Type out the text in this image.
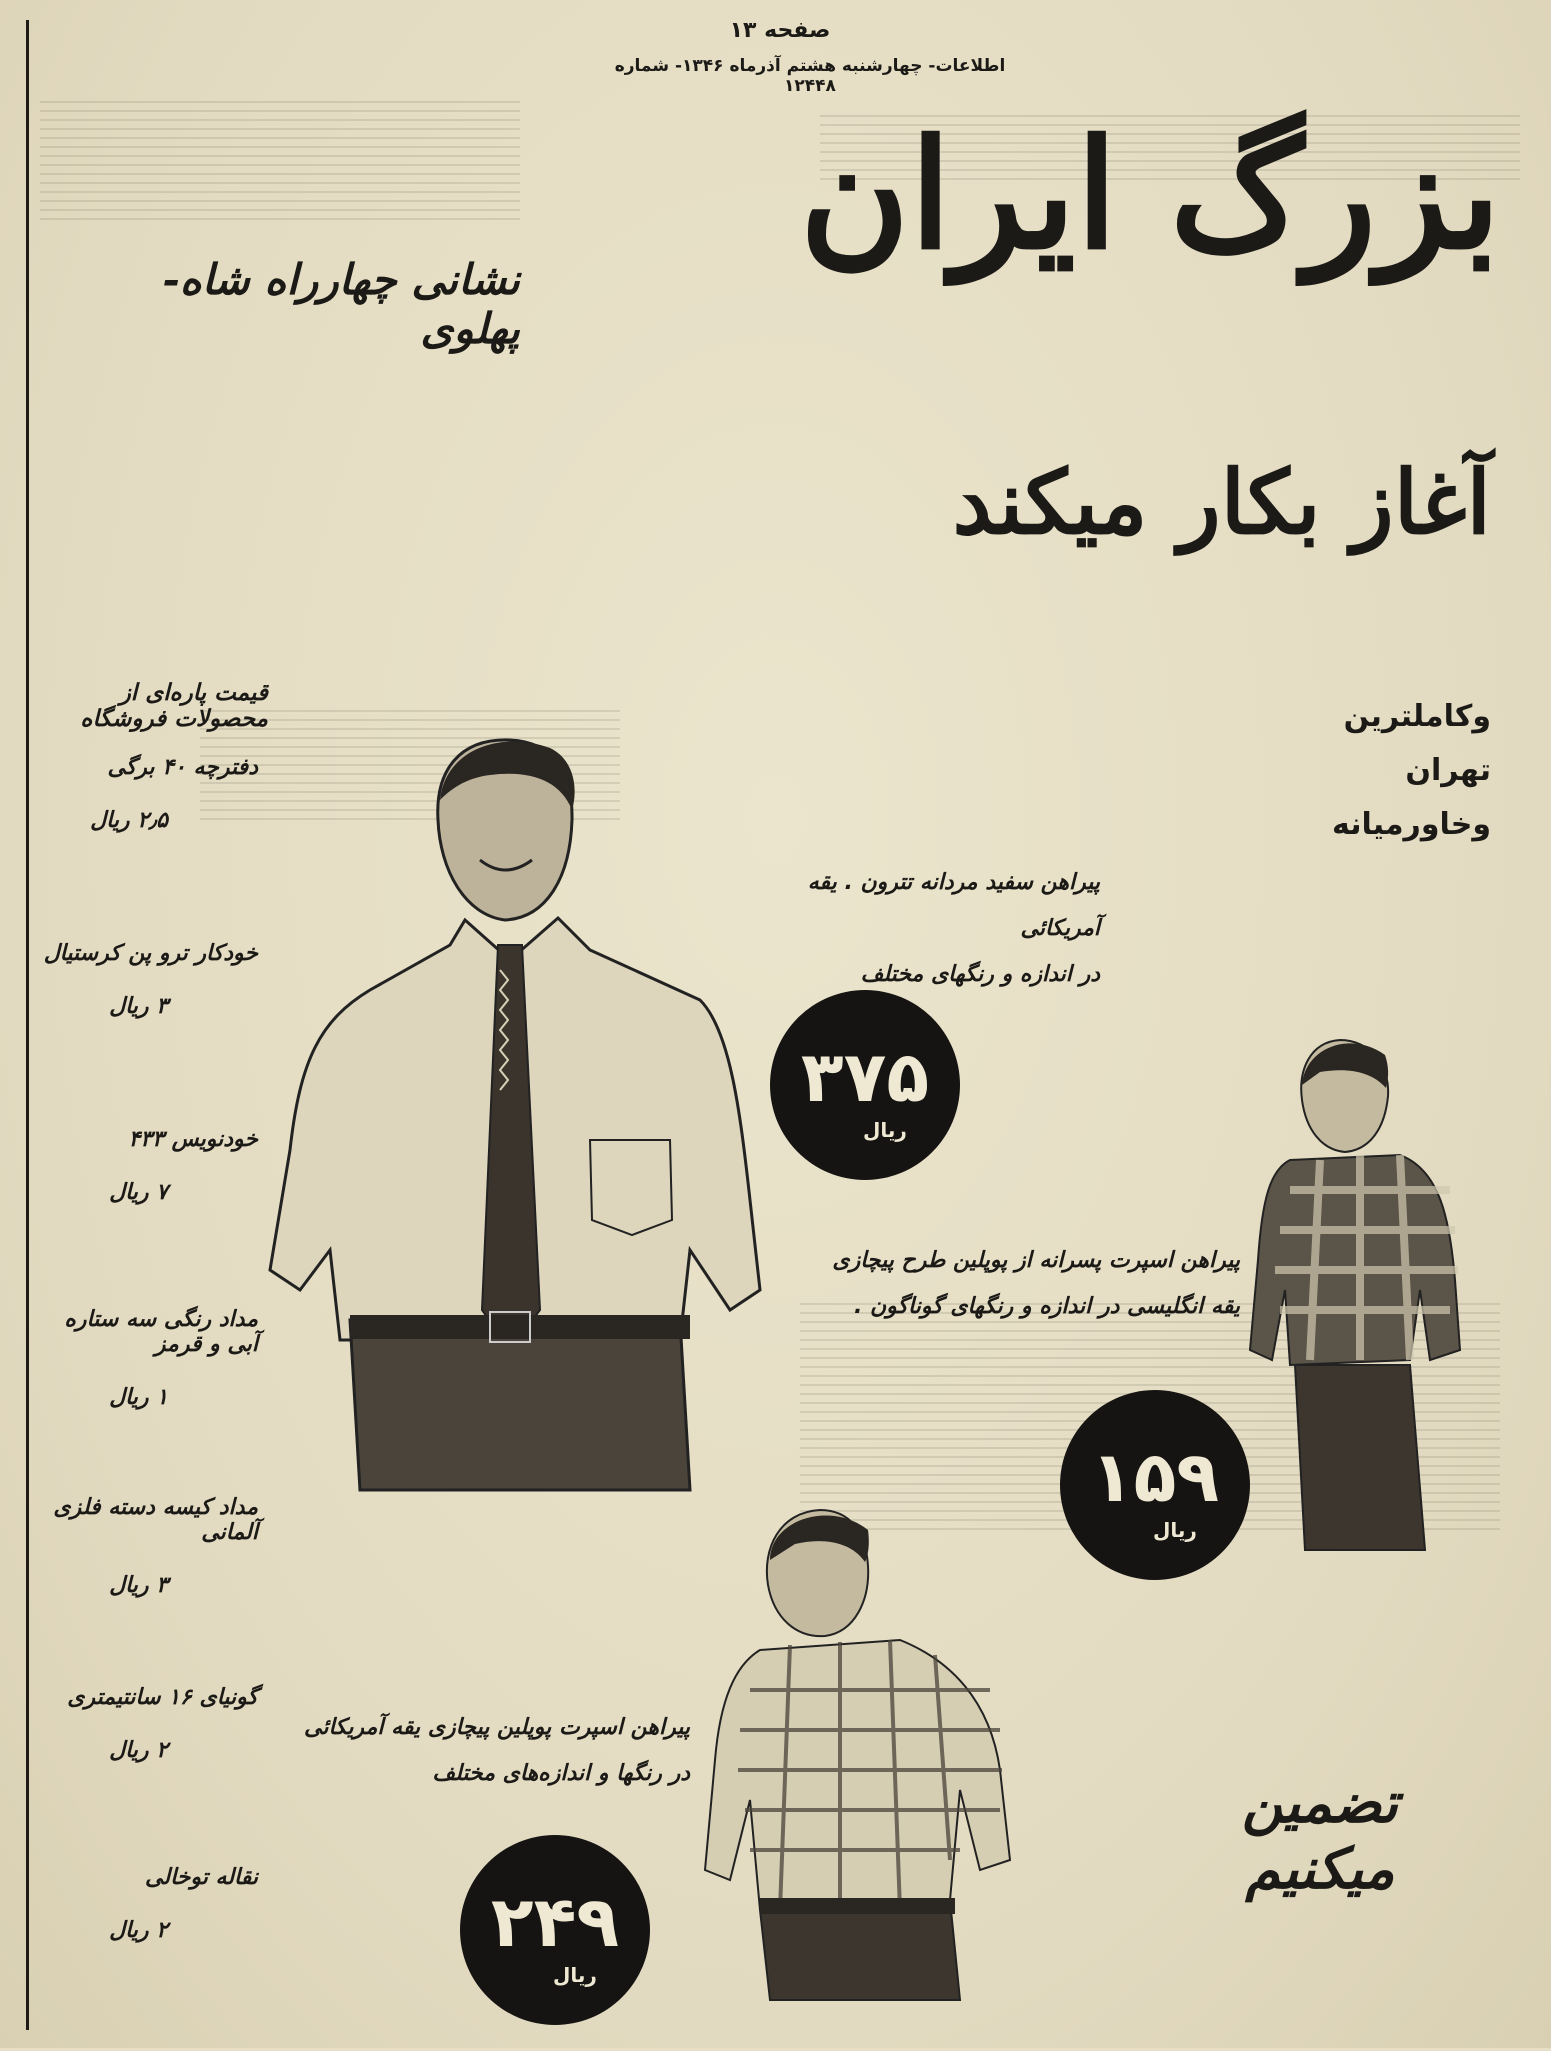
صفحه ۱۳
اطلاعات- چهارشنبه هشتم آذرماه ۱۳۴۶- شماره ۱۲۴۴۸
بزرگ ایران
نشانی چهارراه شاه-پهلوی
آغاز بکار میکند
وکاملترین
تهران
وخاورمیانه
قیمت پاره‌ای از محصولات فروشگاه
دفترچه ۴۰ برگی
۲٫۵ ریال
خودکار ترو پن کرستیال
۳ ریال
خودنویس ۴۳۳
۷ ریال
مداد رنگی سه ستاره آبی و قرمز
۱ ریال
مداد کیسه دسته فلزی آلمانی
۳ ریال
گونیای ۱۶ سانتیمتری
۲ ریال
نقاله توخالی
۲ ریال
پیراهن سفید مردانه تترون . یقه آمریکائی
در اندازه و رنگهای مختلف
۳۷۵
ریال
پیراهن اسپرت پسرانه از پوپلین طرح پیچازی
یقه انگلیسی در اندازه و رنگهای گوناگون .
۱۵۹
ریال
پیراهن اسپرت پوپلین پیچازی یقه آمریکائی
در رنگها و اندازه‌های مختلف
۲۴۹
ریال
تضمین میکنیم
